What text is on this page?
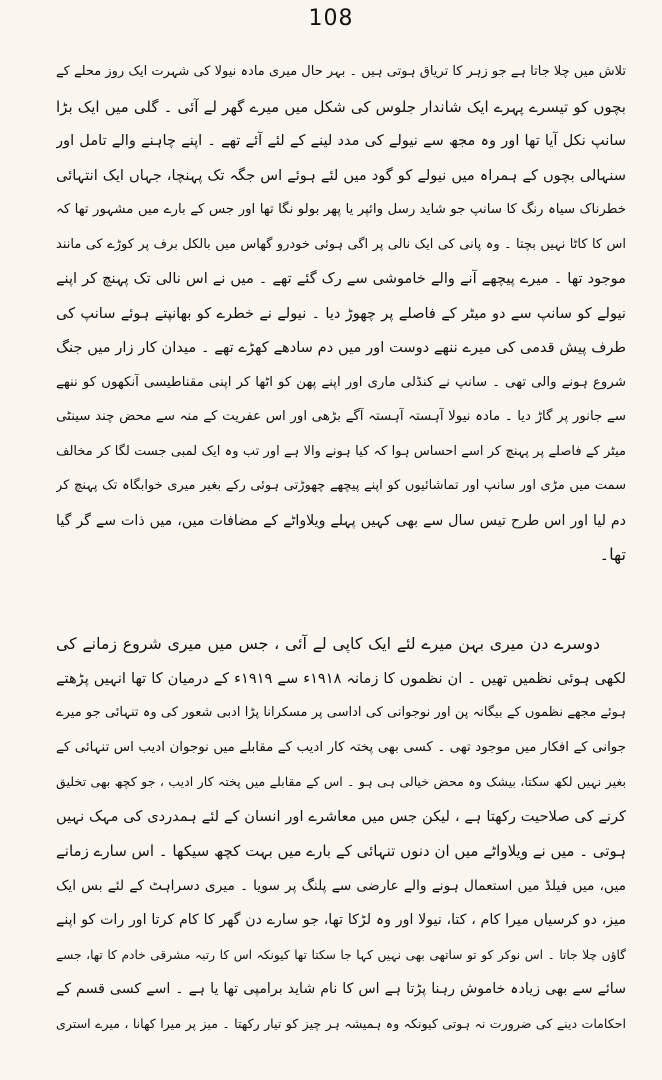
108
تلاش میں چلا جاتا ہے جو زہر کا تریاق ہوتی ہیں ۔ بہر حال میری مادہ نیولا کی شہرت ایک روز محلے کے
بچوں کو تیسرے پہرے ایک شاندار جلوس کی شکل میں میرے گھر لے آئی ۔ گلی میں ایک بڑا
سانپ نکل آیا تھا اور وہ مجھ سے نیولے کی مدد لینے کے لئے آئے تھے ۔ اپنے چاہنے والے تامل اور
سنہالی بچوں کے ہمراہ میں نیولے کو گود میں لئے ہوئے اس جگہ تک پہنچا، جہاں ایک انتہائی
خطرناک سیاہ رنگ کا سانپ جو شاید رسل وائپر یا پھر بولو نگا تھا اور جس کے بارے میں مشہور تھا کہ
اس کا کاٹا نہیں بچتا ۔ وہ پانی کی ایک نالی پر اگی ہوئی خودرو گھاس میں بالکل برف پر کوڑے کی مانند
موجود تھا ۔ میرے پیچھے آنے والے خاموشی سے رک گئے تھے ۔ میں نے اس نالی تک پہنچ کر اپنے
نیولے کو سانپ سے دو میٹر کے فاصلے پر چھوڑ دیا ۔ نیولے نے خطرے کو بھانپتے ہوئے سانپ کی
طرف پیش قدمی کی میرے ننھے دوست اور میں دم سادھے کھڑے تھے ۔ میدان کار زار میں جنگ
شروع ہونے والی تھی ۔ سانپ نے کنڈلی ماری اور اپنے پھن کو اٹھا کر اپنی مقناطیسی آنکھوں کو ننھے
سے جانور پر گاڑ دیا ۔ مادہ نیولا آہستہ آہستہ آگے بڑھی اور اس عفریت کے منہ سے محض چند سینٹی
میٹر کے فاصلے پر پہنچ کر اسے احساس ہوا کہ کیا ہونے والا ہے اور تب وہ ایک لمبی جست لگا کر مخالف
سمت میں مڑی اور سانپ اور تماشائیوں کو اپنے پیچھے چھوڑتی ہوئی رکے بغیر میری خوابگاہ تک پہنچ کر
دم لیا اور اس طرح تیس سال سے بھی کہیں پہلے ویلاواٹے کے مضافات میں، میں ذات سے گر گیا
تھا۔
دوسرے دن میری بہن میرے لئے ایک کاپی لے آئی ، جس میں میری شروع زمانے کی
لکھی ہوئی نظمیں تھیں ۔ ان نظموں کا زمانہ ۱۹۱۸ء سے ۱۹۱۹ء کے درمیان کا تھا انہیں پڑھتے
ہوئے مجھے نظموں کے بیگانہ پن اور نوجوانی کی اداسی پر مسکرانا پڑا ادبی شعور کی وہ تنہائی جو میرے
جوانی کے افکار میں موجود تھی ۔ کسی بھی پختہ کار ادیب کے مقابلے میں نوجوان ادیب اس تنہائی کے
بغیر نہیں لکھ سکتا، بیشک وہ محض خیالی ہی ہو ۔ اس کے مقابلے میں پختہ کار ادیب ، جو کچھ بھی تخلیق
کرنے کی صلاحیت رکھتا ہے ، لیکن جس میں معاشرے اور انسان کے لئے ہمدردی کی مہک نہیں
ہوتی ۔ میں نے ویلاواٹے میں ان دنوں تنہائی کے بارے میں بہت کچھ سیکھا ۔ اس سارے زمانے
میں، میں فیلڈ میں استعمال ہونے والے عارضی سے پلنگ پر سویا ۔ میری دسراہٹ کے لئے بس ایک
میز، دو کرسیاں میرا کام ، کتا، نیولا اور وہ لڑکا تھا، جو سارے دن گھر کا کام کرتا اور رات کو اپنے
گاؤں چلا جاتا ۔ اس نوکر کو تو ساتھی بھی نہیں کہا جا سکتا تھا کیونکہ اس کا رتبہ مشرقی خادم کا تھا، جسے
سائے سے بھی زیادہ خاموش رہنا پڑتا ہے اس کا نام شاید برامپی تھا یا ہے ۔ اسے کسی قسم کے
احکامات دینے کی ضرورت نہ ہوتی کیونکہ وہ ہمیشہ ہر چیز کو تیار رکھتا ۔ میز پر میرا کھانا ، میرے استری
